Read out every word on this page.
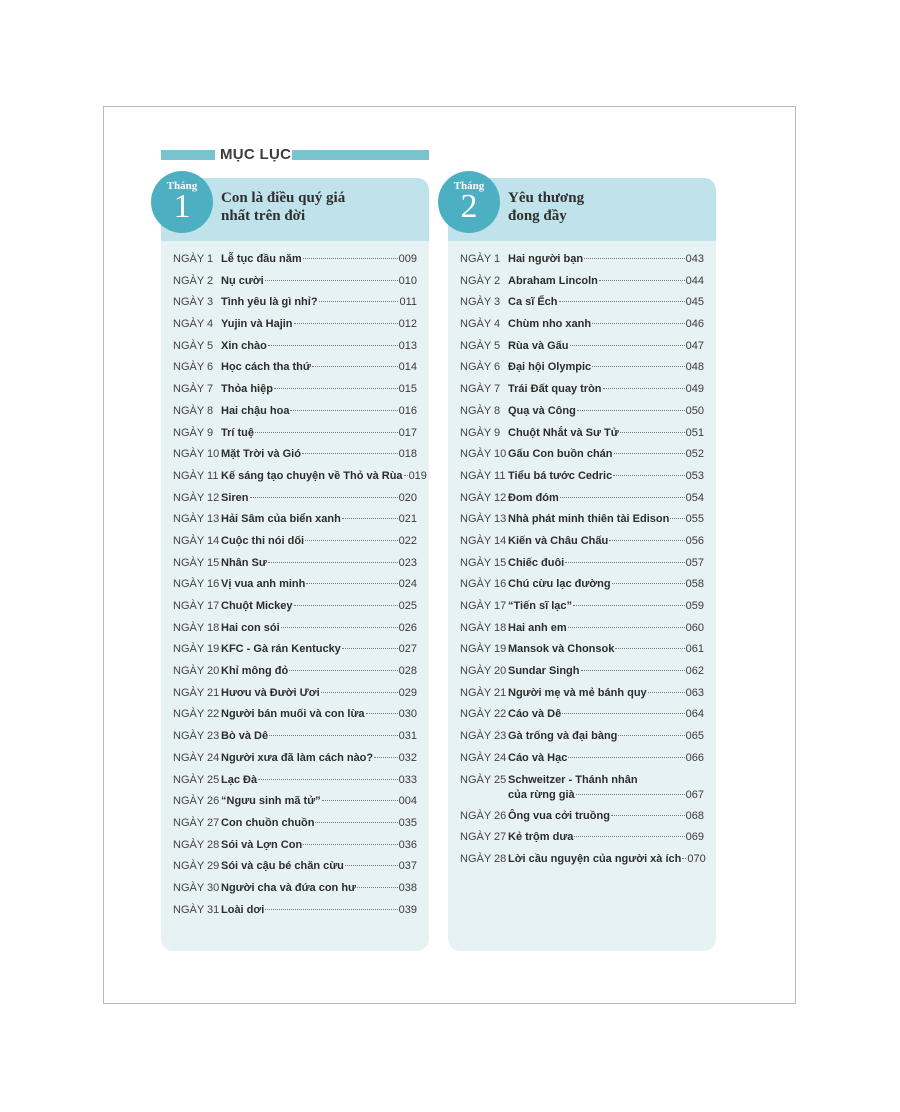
MỤC LỤC
Tháng
1
Tháng
2
Con là điều quý giá
nhất trên đời
NGÀY 1 Lễ tục đầu năm	009
NGÀY 2 Nụ cười	010
NGÀY 3 Tình yêu là gì nhỉ?	011
NGÀY 4 Yujin và Hajin	012
NGÀY 5 Xin chào	013
NGÀY 6 Học cách tha thứ	014
NGÀY 7 Thỏa hiệp	015
NGÀY 8 Hai chậu hoa	016
NGÀY 9 Trí tuệ	017
NGÀY 10 Mặt Trời và Gió	018
NGÀY 11 Kế sáng tạo chuyện về Thỏ và Rùa 019
NGÀY 12 Siren	020
NGÀY 13 Hải Sâm của biển xanh	021
NGÀY 14 Cuộc thi nói dối	022
NGÀY 15 Nhân Sư	023
NGÀY 16 Vị vua anh minh	024
NGÀY 17 Chuột Mickey	025
NGÀY 18 Hai con sói	026
NGÀY 19 KFC - Gà rán Kentucky	027
NGÀY 20 Khỉ mông đỏ	028
NGÀY 21 Hươu và Đười Ươi	029
NGÀY 22 Người bán muối và con lừa	030
NGÀY 23 Bò và Dê	031
NGÀY 24 Người xưa đã làm cách nào? 032
NGÀY 25 Lạc Đà	033
NGÀY 26 “Ngưu sinh mã tử”	004
NGÀY 27 Con chuồn chuồn	035
NGÀY 28 Sói và Lợn Con	036
NGÀY 29 Sói và cậu bé chăn cừu	037
NGÀY 30 Người cha và đứa con hư	038
NGÀY 31 Loài dơi	039
Yêu thương
đong đầy
NGÀY 1 Hai người bạn	043
NGÀY 2 Abraham Lincoln	044
NGÀY 3 Ca sĩ Ếch	045
NGÀY 4 Chùm nho xanh	046
NGÀY 5 Rùa và Gấu	047
NGÀY 6 Đại hội Olympic	048
NGÀY 7 Trái Đất quay tròn	049
NGÀY 8 Quạ và Công	050
NGÀY 9 Chuột Nhắt và Sư Tử	051
NGÀY 10 Gấu Con buồn chán	052
NGÀY 11 Tiểu bá tước Cedric	053
NGÀY 12 Đom đóm	054
NGÀY 13 Nhà phát minh thiên tài Edison 055
NGÀY 14 Kiến và Châu Chấu	056
NGÀY 15 Chiếc đuôi	057
NGÀY 16 Chú cừu lạc đường	058
NGÀY 17 “Tiến sĩ lạc”	059
NGÀY 18 Hai anh em	060
NGÀY 19 Mansok và Chonsok	061
NGÀY 20 Sundar Singh	062
NGÀY 21 Người mẹ và mẻ bánh quy	063
NGÀY 22 Cáo và Dê	064
NGÀY 23 Gà trống và đại bàng	065
NGÀY 24 Cáo và Hạc	066
NGÀY 25 Schweitzer - Thánh nhân
của rừng già	067
NGÀY 26 Ông vua cởi truồng	068
NGÀY 27 Kẻ trộm dưa	069
NGÀY 28 Lời cầu nguyện của người xà ích 070
